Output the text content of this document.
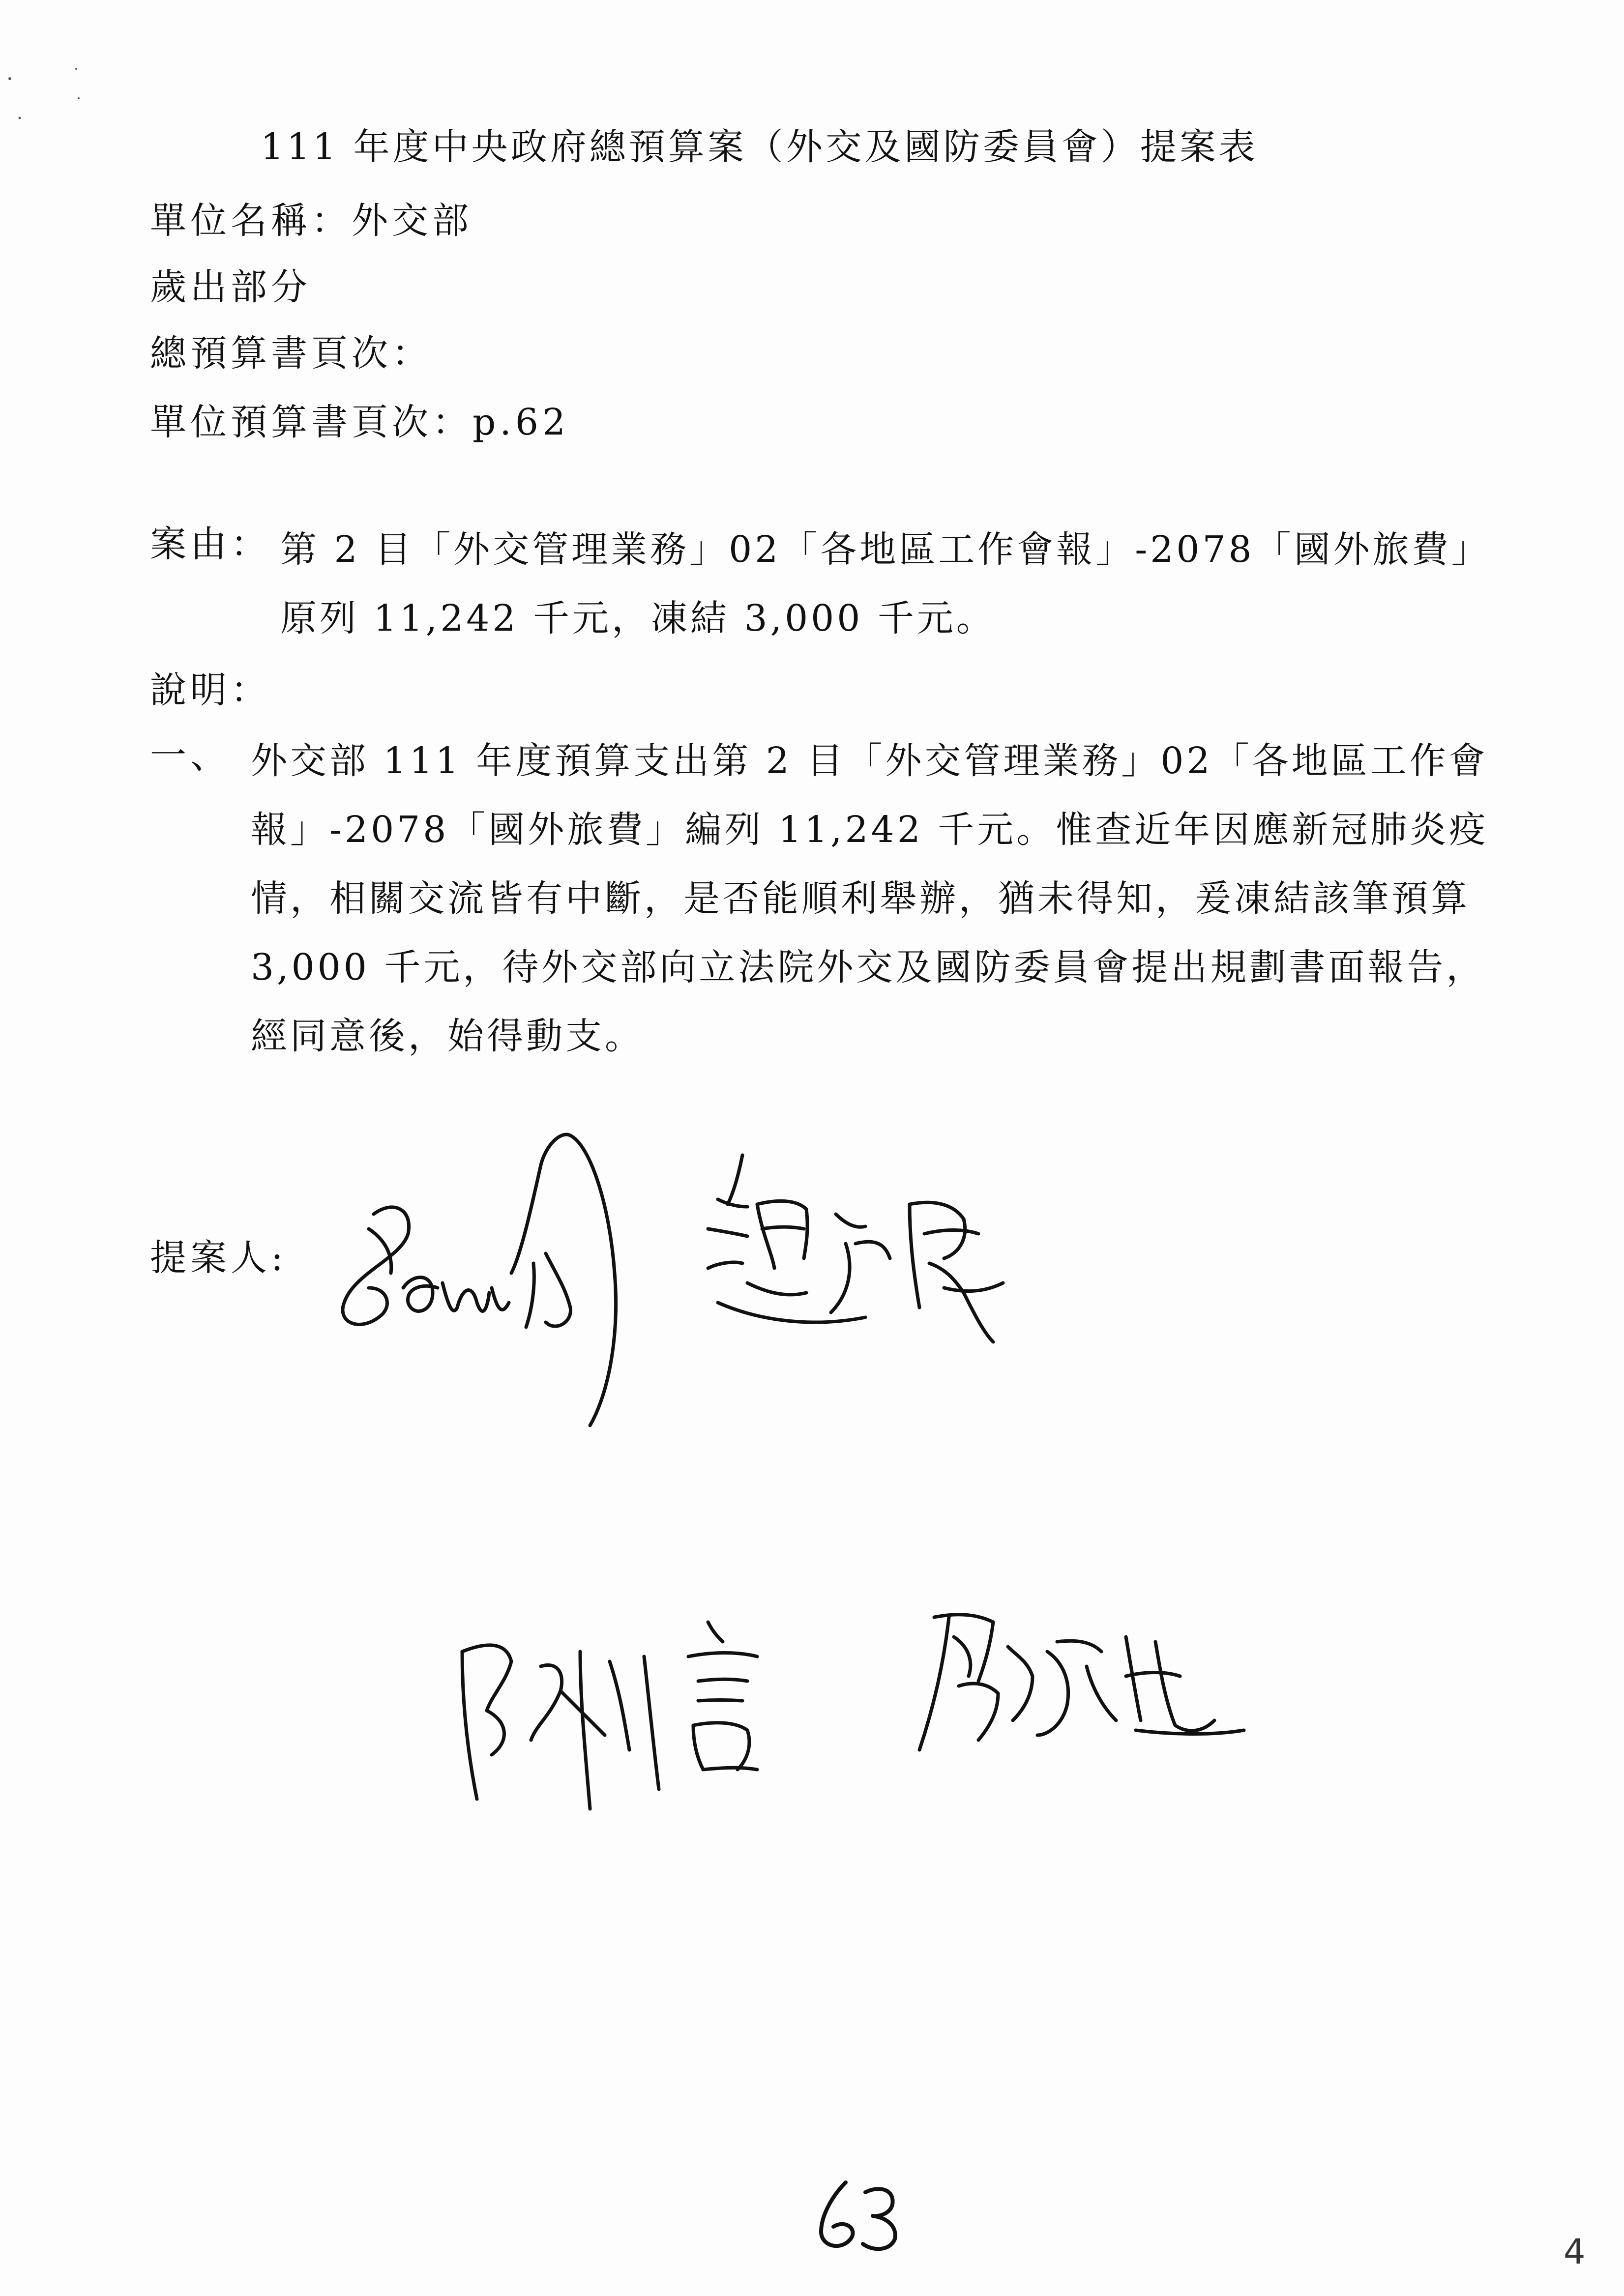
111 年度中央政府總預算案（外交及國防委員會）提案表
單位名稱：外交部
歲出部分
總預算書頁次：
單位預算書頁次：p.62
案由： 第 2 目「外交管理業務」02「各地區工作會報」-2078「國外旅費」原列 11,242 千元，凍結 3,000 千元。
說明：
一、 外交部 111 年度預算支出第 2 目「外交管理業務」02「各地區工作會報」-2078「國外旅費」編列 11,242 千元。惟查近年因應新冠肺炎疫情，相關交流皆有中斷，是否能順利舉辦，猶未得知，爰凍結該筆預算 3,000 千元，待外交部向立法院外交及國防委員會提出規劃書面報告，經同意後，始得動支。
提案人:
4
